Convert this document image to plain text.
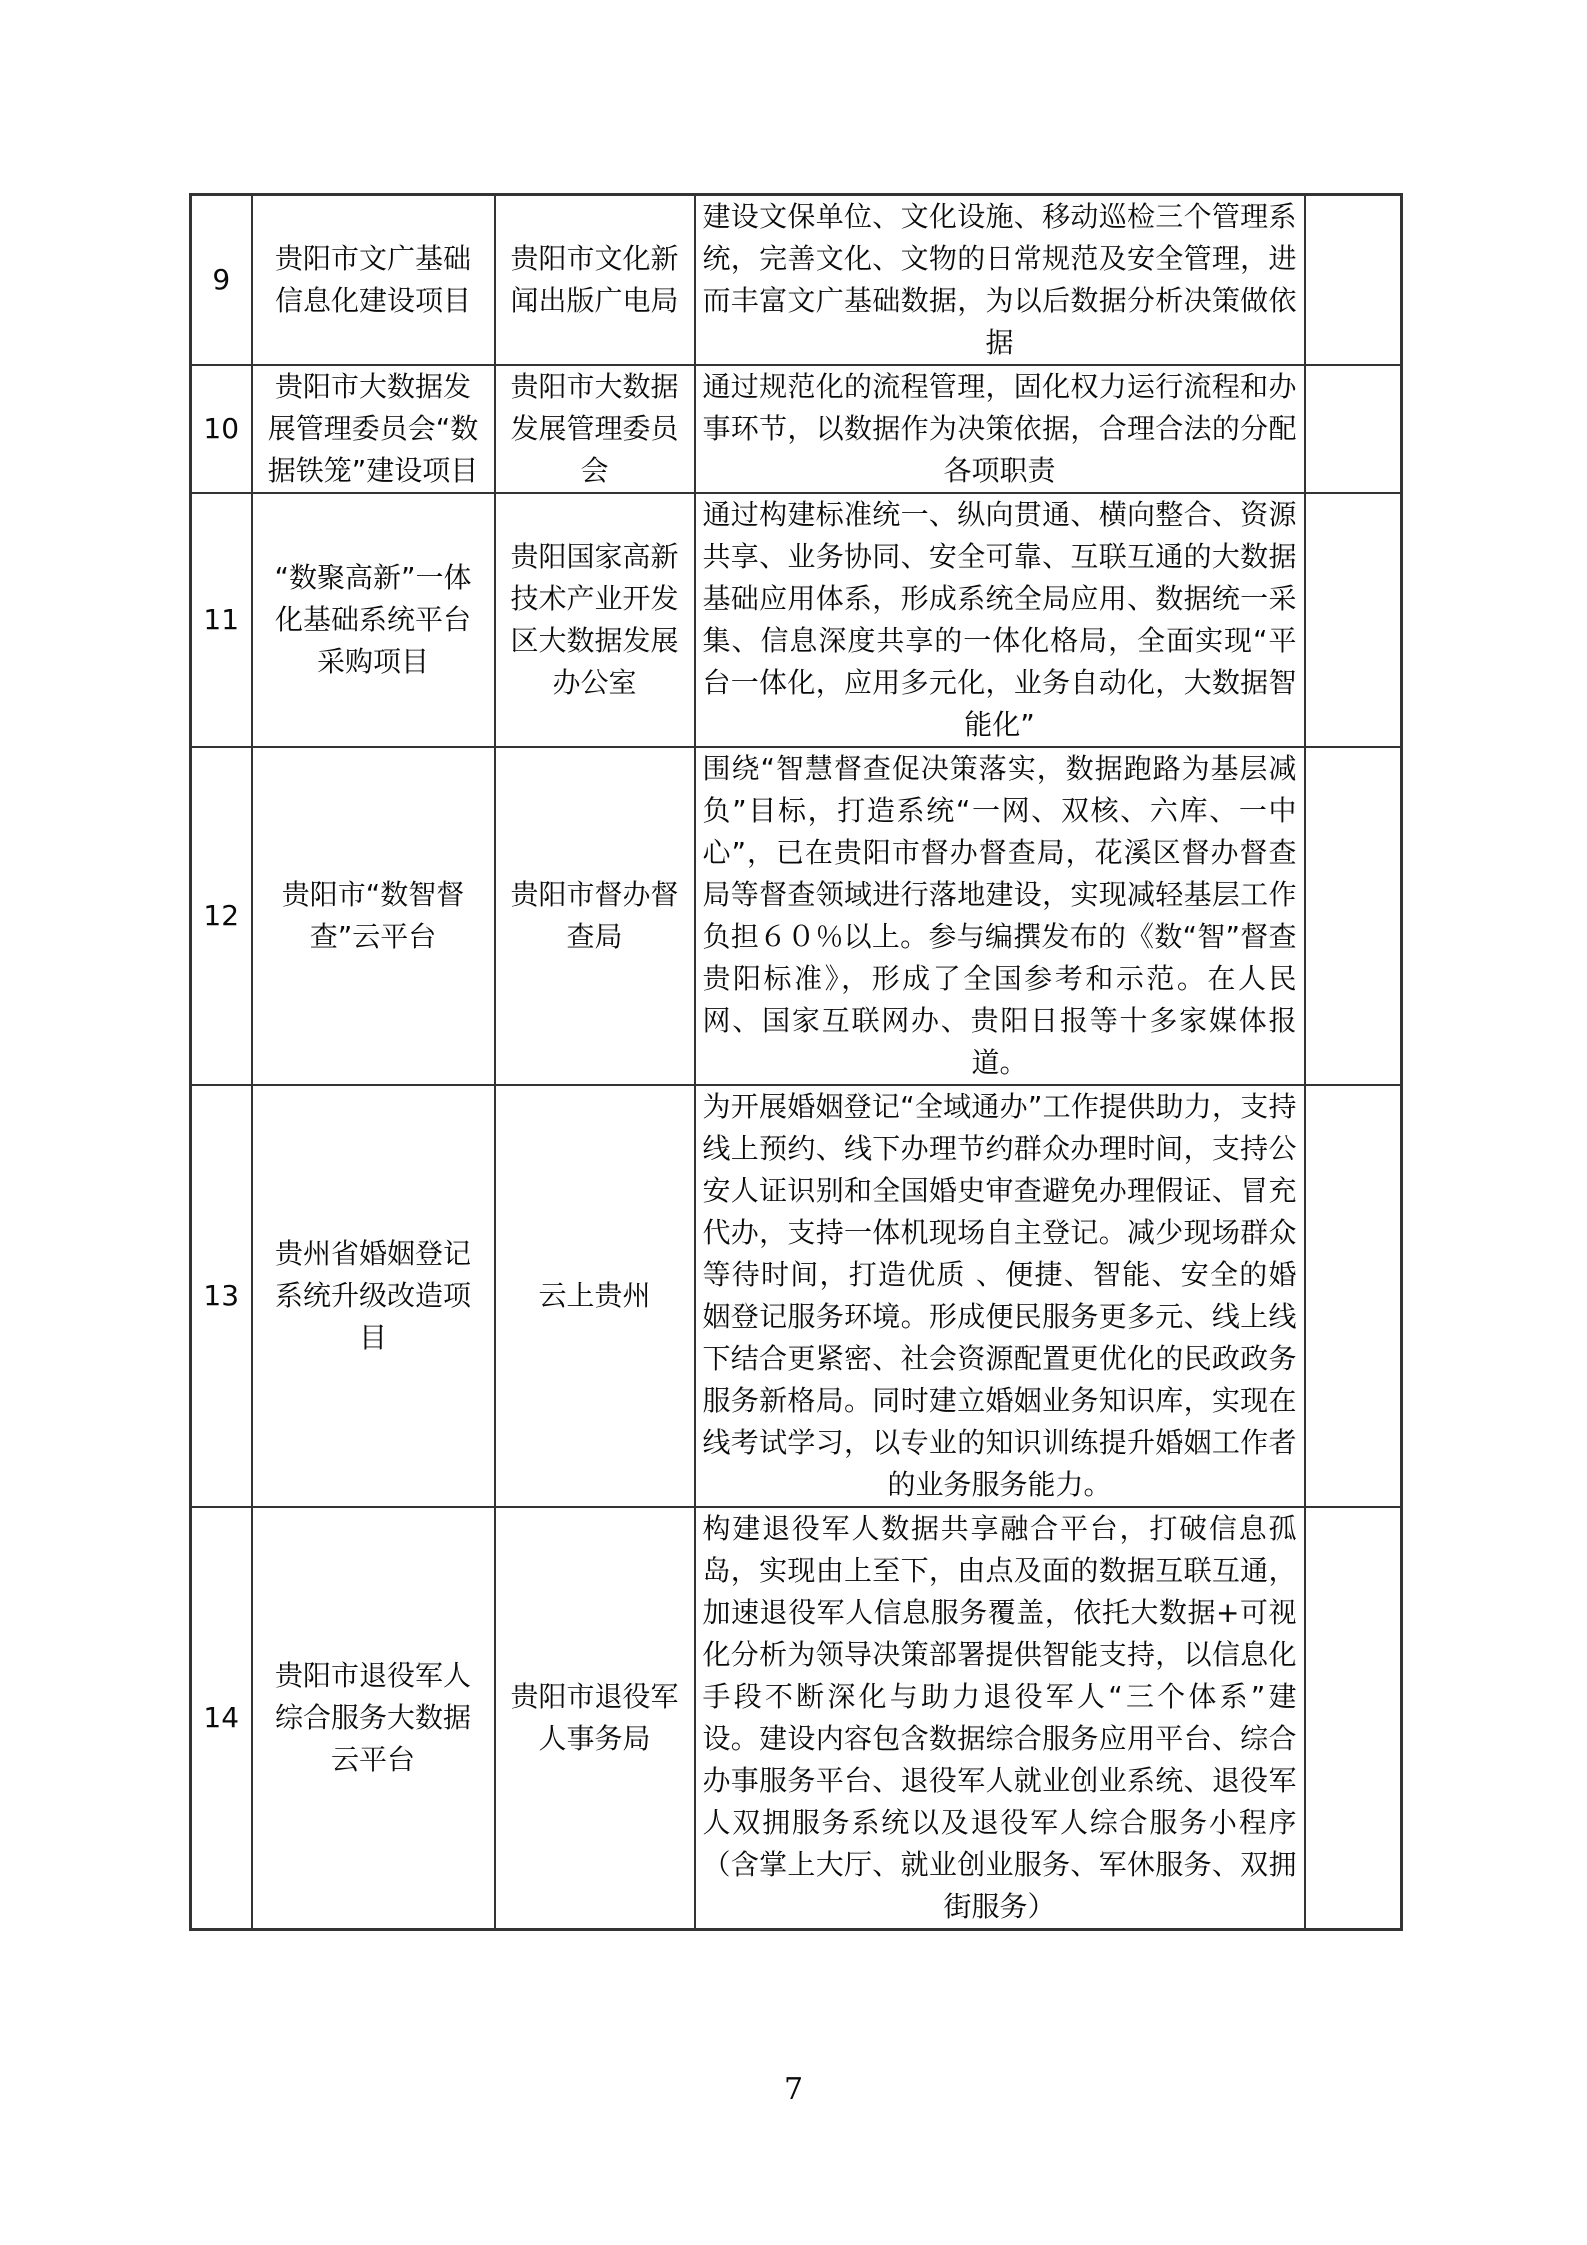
9	贵阳市文广基础信息化建设项目	贵阳市文化新闻出版广电局	建设文保单位、文化设施、移动巡检三个管理系统，完善文化、文物的日常规范及安全管理，进而丰富文广基础数据，为以后数据分析决策做依据	
10	贵阳市大数据发展管理委员会“数据铁笼”建设项目	贵阳市大数据发展管理委员会	通过规范化的流程管理，固化权力运行流程和办事环节，以数据作为决策依据，合理合法的分配各项职责	
11	“数聚高新”一体化基础系统平台采购项目	贵阳国家高新技术产业开发区大数据发展办公室	通过构建标准统一、纵向贯通、横向整合、资源共享、业务协同、安全可靠、互联互通的大数据基础应用体系，形成系统全局应用、数据统一采集、信息深度共享的一体化格局，全面实现“平台一体化，应用多元化，业务自动化，大数据智能化”	
12	贵阳市“数智督查”云平台	贵阳市督办督查局	围绕“智慧督查促决策落实，数据跑路为基层减负”目标，打造系统“一网、双核、六库、一中心”，已在贵阳市督办督查局，花溪区督办督查局等督查领域进行落地建设，实现减轻基层工作负担６０％以上。参与编撰发布的《数“智”督查贵阳标准》，形成了全国参考和示范。在人民网、国家互联网办、贵阳日报等十多家媒体报道。	
13	贵州省婚姻登记系统升级改造项目	云上贵州	为开展婚姻登记“全域通办”工作提供助力，支持线上预约、线下办理节约群众办理时间，支持公安人证识别和全国婚史审查避免办理假证、冒充代办，支持一体机现场自主登记。减少现场群众等待时间，打造优质 、便捷、智能、安全的婚姻登记服务环境。形成便民服务更多元、线上线下结合更紧密、社会资源配置更优化的民政政务服务新格局。同时建立婚姻业务知识库，实现在线考试学习，以专业的知识训练提升婚姻工作者的业务服务能力。	
14	贵阳市退役军人综合服务大数据云平台	贵阳市退役军人事务局	构建退役军人数据共享融合平台，打破信息孤岛，实现由上至下，由点及面的数据互联互通，加速退役军人信息服务覆盖，依托大数据+可视化分析为领导决策部署提供智能支持，以信息化手段不断深化与助力退役军人“三个体系”建 设。建设内容包含数据综合服务应用平台、综合办事服务平台、退役军人就业创业系统、退役军人双拥服务系统以及退役军人综合服务小程序（含掌上大厅、就业创业服务、军休服务、双拥街服务）	
7
